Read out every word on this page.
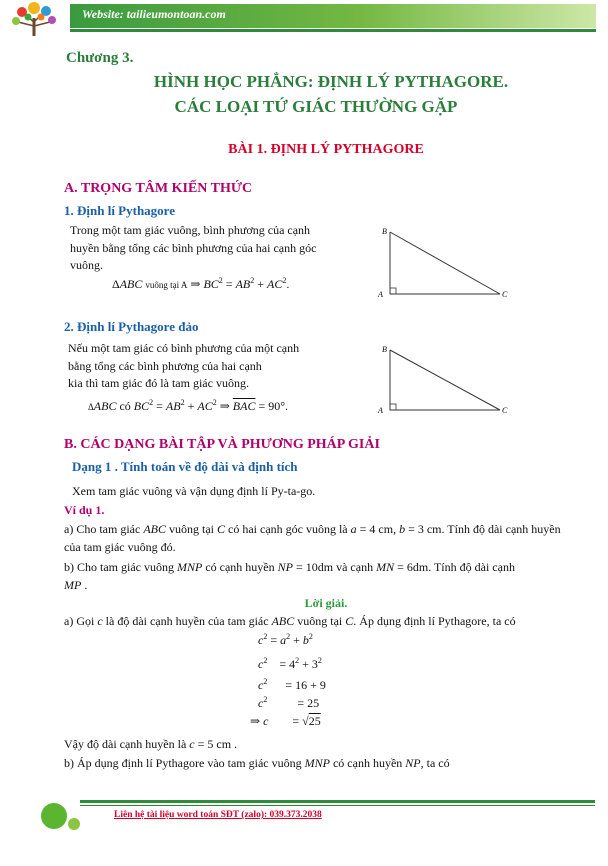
Website: tailieumontoan.com
Chương 3.
HÌNH HỌC PHẲNG: ĐỊNH LÝ PYTHAGORE.
CÁC LOẠI TỨ GIÁC THƯỜNG GẶP
BÀI 1. ĐỊNH LÝ PYTHAGORE
A. TRỌNG TÂM KIẾN THỨC
1. Định lí Pythagore
Trong một tam giác vuông, bình phương của cạnh huyền bằng tổng các bình phương của hai cạnh góc vuông.
ΔABC vuông tại A ⇒ $BC^2 = AB^2 + AC^2$.
B
A	C
2. Định lí Pythagore đảo
Nếu một tam giác có bình phương của một cạnh
bằng tổng các bình phương của hai cạnh
kia thì tam giác đó là tam giác vuông.
ΔABC có $BC^2 = AB^2 + AC^2$ ⇒ $\overline{BAC} = 90^\circ$.
B
A	C
B. CÁC DẠNG BÀI TẬP VÀ PHƯƠNG PHÁP GIẢI
Dạng 1 . Tính toán về độ dài và định tích
Xem tam giác vuông và vận dụng định lí Py-ta-go.
Ví dụ 1.
a) Cho tam giác ABC vuông tại C có hai cạnh góc vuông là a = 4 cm, b = 3 cm. Tính độ dài cạnh huyền của tam giác vuông đó.
b) Cho tam giác vuông MNP có cạnh huyền NP = 10dm và cạnh MN = 6dm. Tính độ dài cạnh
MP .
Lời giải.
a) Gọi c là độ dài cạnh huyền của tam giác ABC vuông tại C. Áp dụng định lí Pythagore, ta có
$c^2 = a^2 + b^2$
$c^2$    = $4^2 + 3^2$
$c^2$      = 16 + 9
$c^2$          = 25
⇒ c        = √25
Vậy độ dài cạnh huyền là c = 5 cm .
b) Áp dụng định lí Pythagore vào tam giác vuông MNP có cạnh huyền NP, ta có
Liên hệ tài liệu word toán SĐT (zalo): 039.373.2038
